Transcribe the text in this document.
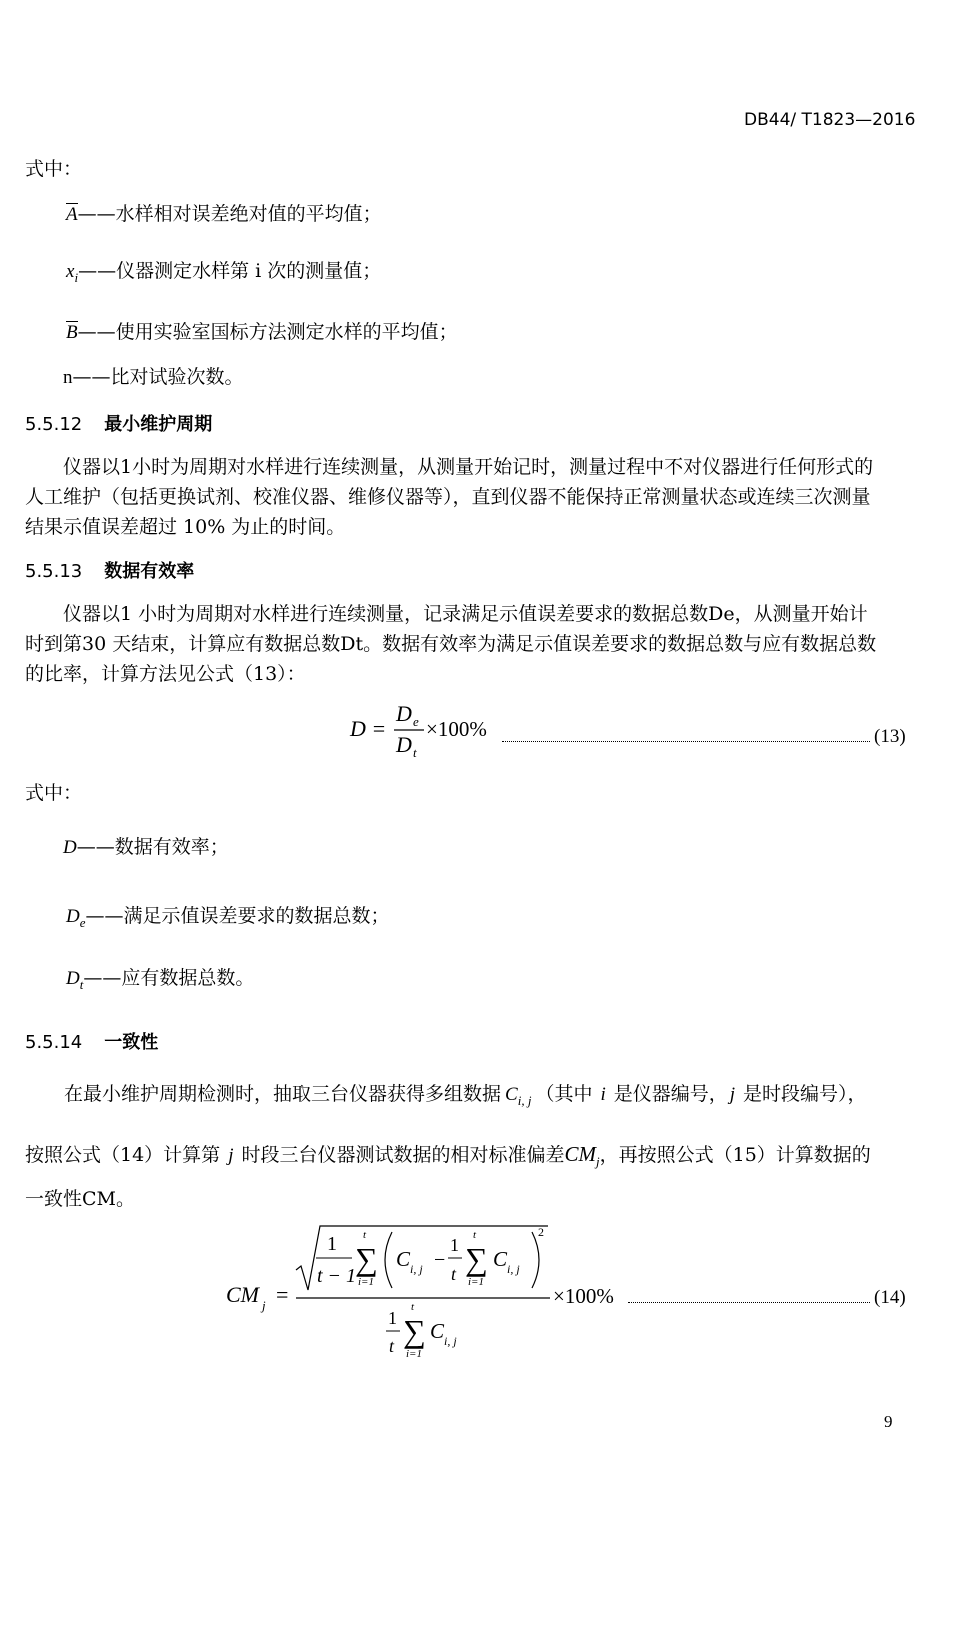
DB44/ T1823—2016
式中：
A——水样相对误差绝对值的平均值；
$x_i——$仪器测定水样第 i 次的测量值；
B——使用实验室国标方法测定水样的平均值；
n——比对试验次数。
5.5.12 最小维护周期
仪器以1小时为周期对水样进行连续测量，从测量开始记时，测量过程中不对仪器进行任何形式的
人工维护（包括更换试剂、校准仪器、维修仪器等），直到仪器不能保持正常测量状态或连续三次测量
结果示值误差超过 10% 为止的时间。
5.5.13 数据有效率
仪器以1 小时为周期对水样进行连续测量，记录满足示值误差要求的数据总数De，从测量开始计
时到第30 天结束，计算应有数据总数Dt。数据有效率为满足示值误差要求的数据总数与应有数据总数
的比率，计算方法见公式（13）：
D =
D e
D t
×100%	(13)
式中：
D——数据有效率；
$D_e——$满足示值误差要求的数据总数；
$D_t——$应有数据总数。
5.5.14 一致性
在最小维护周期检测时，抽取三台仪器获得多组数据 $C_{i, j}$ （其中 i 是仪器编号， j 是时段编号），
按照公式（14）计算第 j 时段三台仪器测试数据的相对标准偏差$CM_j$，再按照公式（15）计算数据的
一致性CM。
CM j =
1
t − 1
t
∑
i=1
C i, j −
1
t
t
∑
i=1
C i, j
2
1
t
t
∑
i=1
C i, j
×100%	(14)
9
